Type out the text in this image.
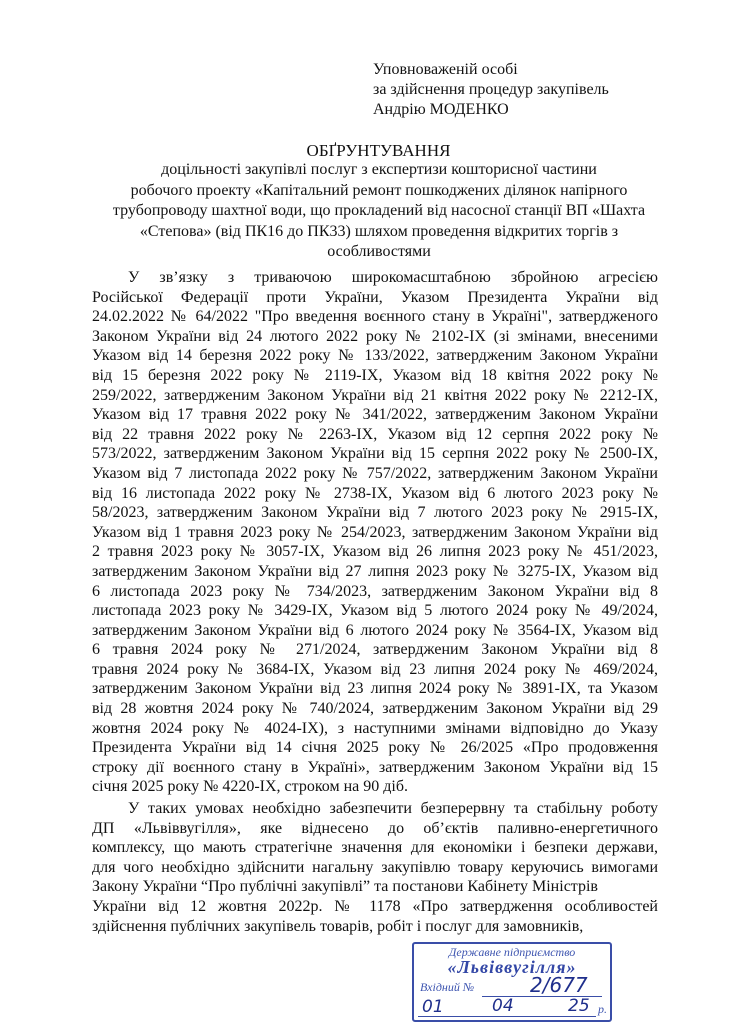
Уповноваженій особі
за здійснення процедур закупівель
Андрію МОДЕНКО
ОБҐРУНТУВАННЯ
доцільності закупівлі послуг з експертизи кошторисної частини
робочого проекту «Капітальний ремонт пошкоджених ділянок напірного
трубопроводу шахтної води, що прокладений від насосної станції ВП «Шахта
«Степова» (від ПК16 до ПК33) шляхом проведення відкритих торгів з
особливостями
У зв’язку з триваючою широкомасштабною збройною агресією
Російської Федерації проти України, Указом Президента України від
24.02.2022 № 64/2022 "Про введення воєнного стану в Україні", затвердженого
Законом України від 24 лютого 2022 року № 2102-IX (зі змінами, внесеними
Указом від 14 березня 2022 року № 133/2022, затвердженим Законом України
від 15 березня 2022 року № 2119-IX, Указом від 18 квітня 2022 року №
259/2022, затвердженим Законом України від 21 квітня 2022 року № 2212-IX,
Указом від 17 травня 2022 року № 341/2022, затвердженим Законом України
від 22 травня 2022 року № 2263-IX, Указом від 12 серпня 2022 року №
573/2022, затвердженим Законом України від 15 серпня 2022 року № 2500-IX,
Указом від 7 листопада 2022 року № 757/2022, затвердженим Законом України
від 16 листопада 2022 року № 2738-IX, Указом від 6 лютого 2023 року №
58/2023, затвердженим Законом України від 7 лютого 2023 року № 2915-IX,
Указом від 1 травня 2023 року № 254/2023, затвердженим Законом України від
2 травня 2023 року № 3057-IX, Указом від 26 липня 2023 року № 451/2023,
затвердженим Законом України від 27 липня 2023 року № 3275-IX, Указом від
6 листопада 2023 року № 734/2023, затвердженим Законом України від 8
листопада 2023 року № 3429-IX, Указом від 5 лютого 2024 року № 49/2024,
затвердженим Законом України від 6 лютого 2024 року № 3564-IX, Указом від
6 травня 2024 року № 271/2024, затвердженим Законом України від 8
травня 2024 року № 3684-IX, Указом від 23 липня 2024 року № 469/2024,
затвердженим Законом України від 23 липня 2024 року № 3891-IX, та Указом
від 28 жовтня 2024 року № 740/2024, затвердженим Законом України від 29
жовтня 2024 року № 4024-IX), з наступними змінами відповідно до Указу
Президента України від 14 січня 2025 року № 26/2025 «Про продовження
строку дії воєнного стану в Україні», затвердженим Законом України від 15
січня 2025 року № 4220-IX, строком на 90 діб.
У таких умовах необхідно забезпечити безперервну та стабільну роботу
ДП «Львіввугілля», яке віднесено до об’єктів паливно-енергетичного
комплексу, що мають стратегічне значення для економіки і безпеки держави,
для чого необхідно здійснити нагальну закупівлю товару керуючись вимогами
Закону України “Про публічні закупівлі” та постанови Кабінету Міністрів
України від 12 жовтня 2022р. № 1178 «Про затвердження особливостей
здійснення публічних закупівель товарів, робіт і послуг для замовників,
Державне підприємство
«Львіввугілля»
Вхідний №	2/677
01	04	25 р.
